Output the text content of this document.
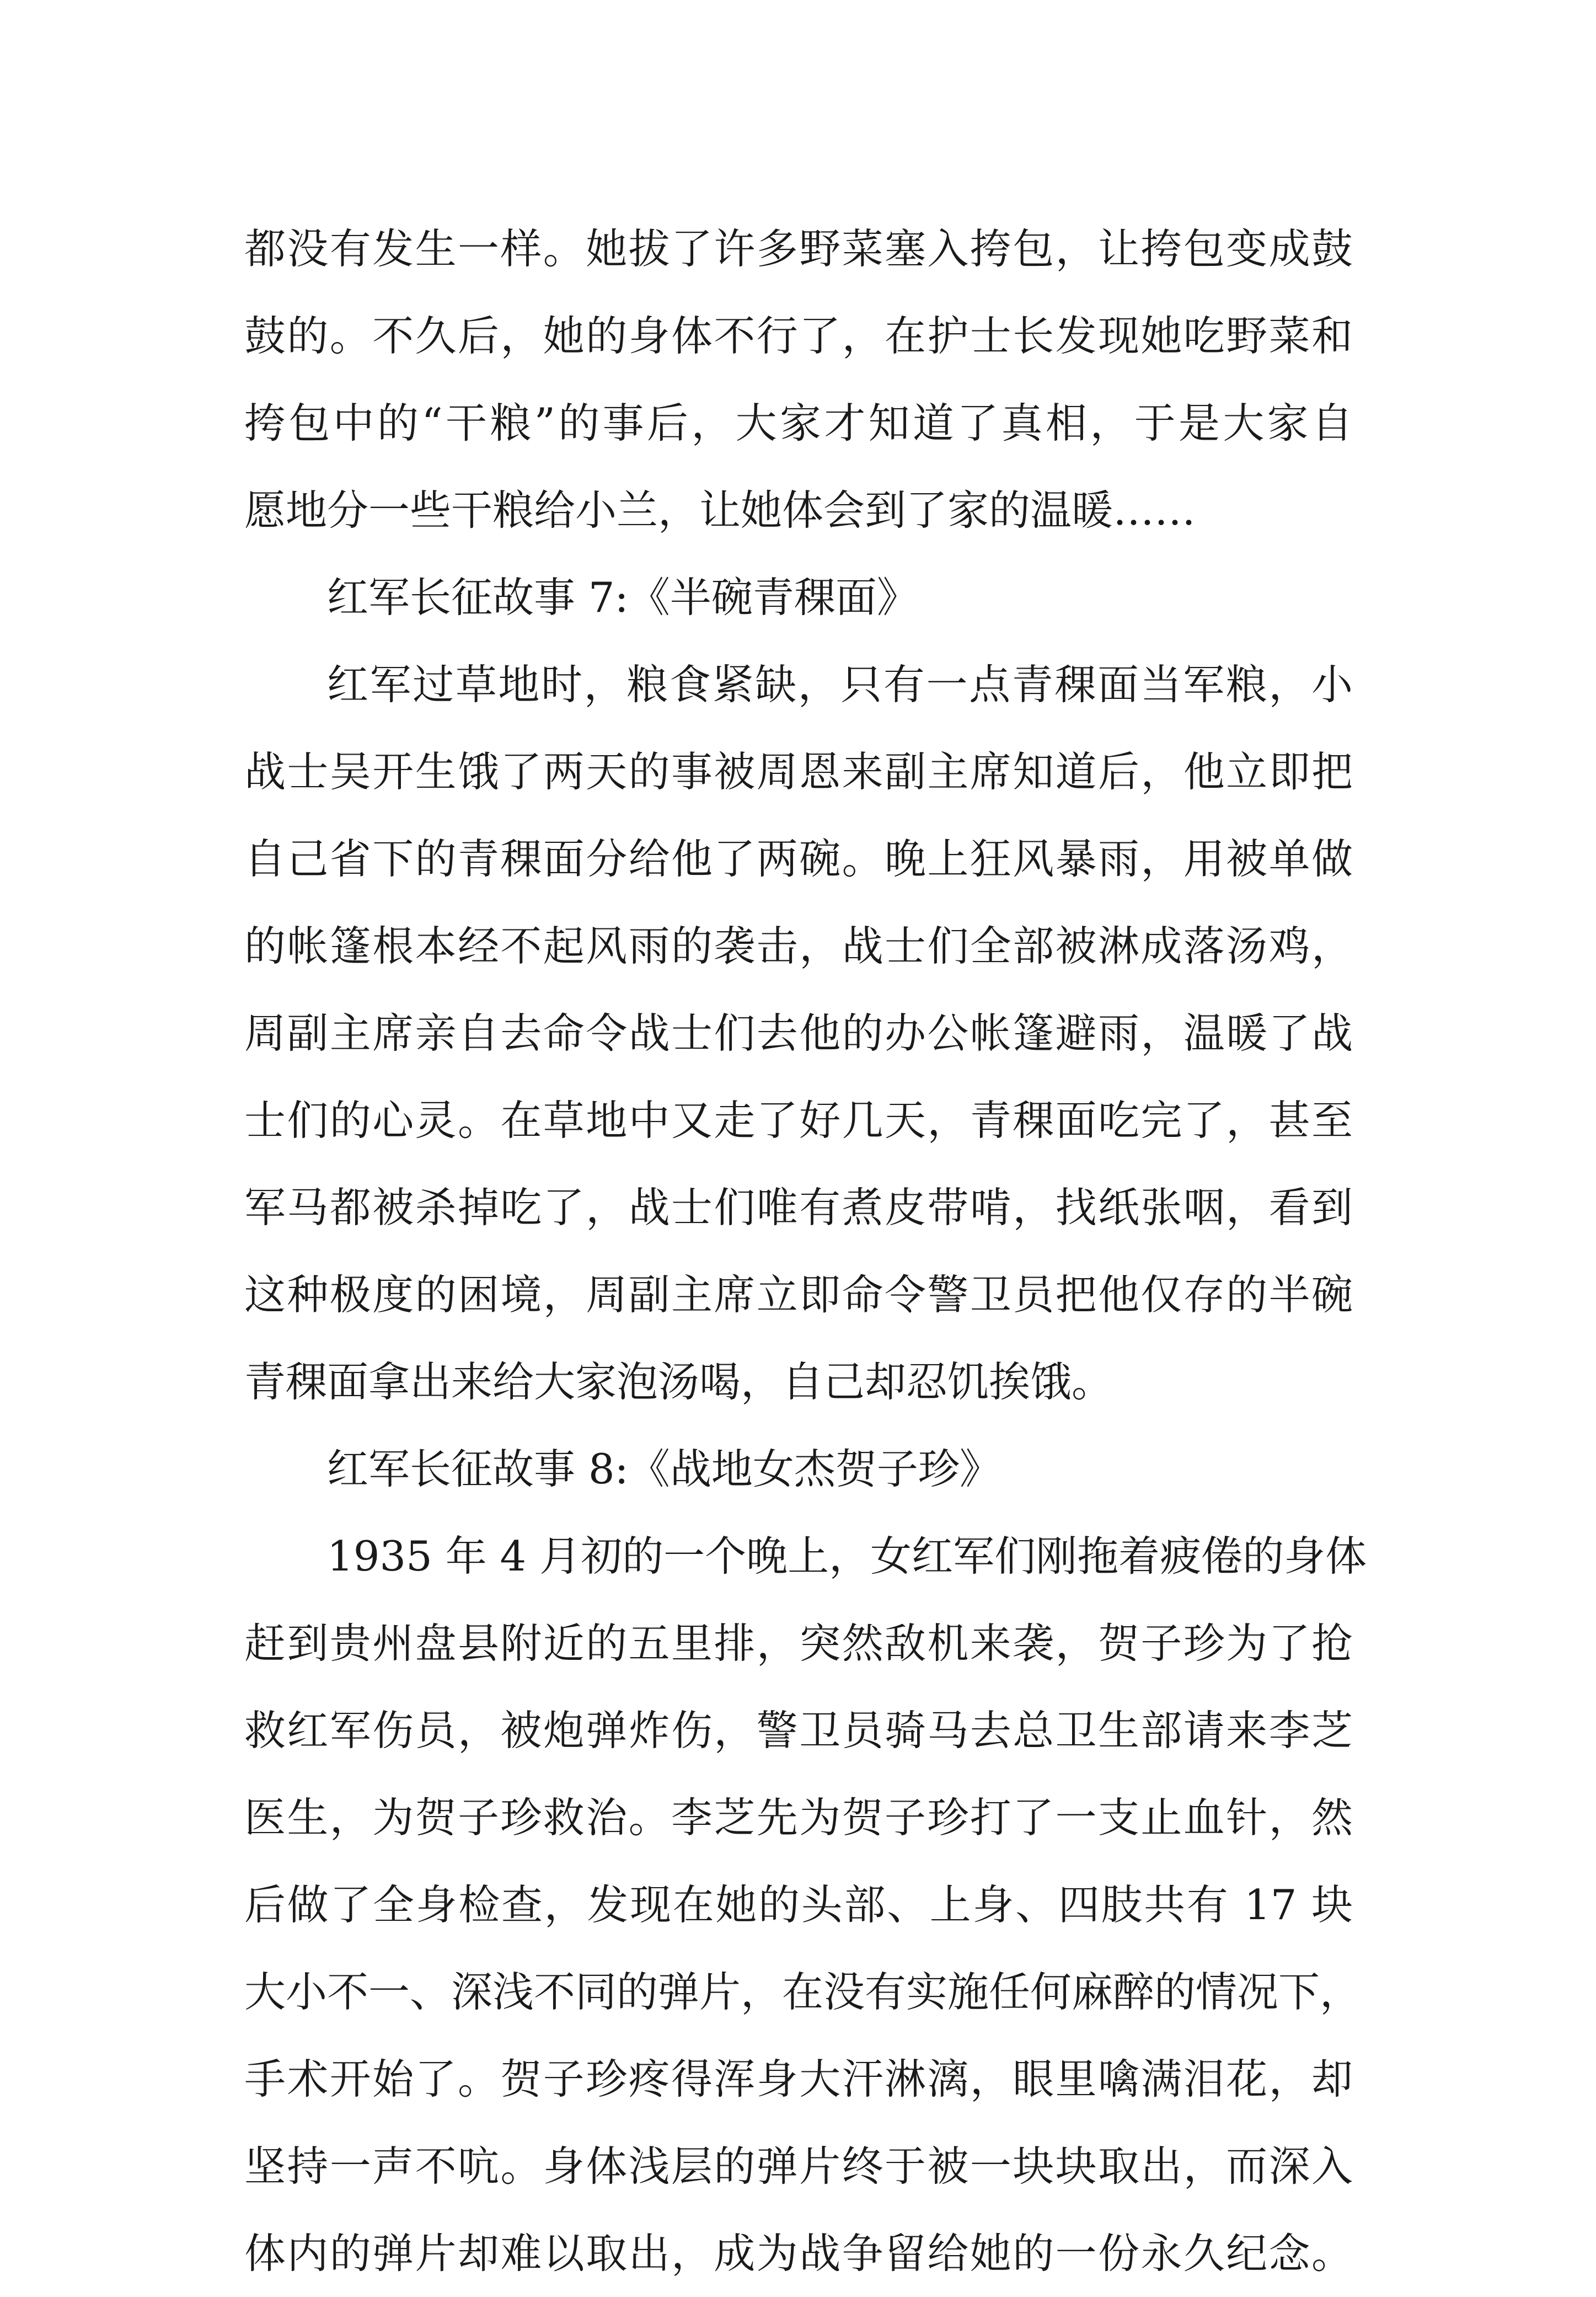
都没有发生一样。她拔了许多野菜塞入挎包，让挎包变成鼓
鼓的。不久后，她的身体不行了，在护士长发现她吃野菜和
挎包中的“干粮”的事后，大家才知道了真相，于是大家自
愿地分一些干粮给小兰，让她体会到了家的温暖……
红军长征故事 7:《半碗青稞面》
红军过草地时，粮食紧缺，只有一点青稞面当军粮，小
战士吴开生饿了两天的事被周恩来副主席知道后，他立即把
自己省下的青稞面分给他了两碗。晚上狂风暴雨，用被单做
的帐篷根本经不起风雨的袭击，战士们全部被淋成落汤鸡，
周副主席亲自去命令战士们去他的办公帐篷避雨，温暖了战
士们的心灵。在草地中又走了好几天，青稞面吃完了，甚至
军马都被杀掉吃了，战士们唯有煮皮带啃，找纸张咽，看到
这种极度的困境，周副主席立即命令警卫员把他仅存的半碗
青稞面拿出来给大家泡汤喝，自己却忍饥挨饿。
红军长征故事 8:《战地女杰贺子珍》
1935 年 4 月初的一个晚上，女红军们刚拖着疲倦的身体
赶到贵州盘县附近的五里排，突然敌机来袭，贺子珍为了抢
救红军伤员，被炮弹炸伤，警卫员骑马去总卫生部请来李芝
医生，为贺子珍救治。李芝先为贺子珍打了一支止血针，然
后做了全身检查，发现在她的头部、上身、四肢共有 17 块
大小不一、深浅不同的弹片，在没有实施任何麻醉的情况下，
手术开始了。贺子珍疼得浑身大汗淋漓，眼里噙满泪花，却
坚持一声不吭。身体浅层的弹片终于被一块块取出，而深入
体内的弹片却难以取出，成为战争留给她的一份永久纪念。
